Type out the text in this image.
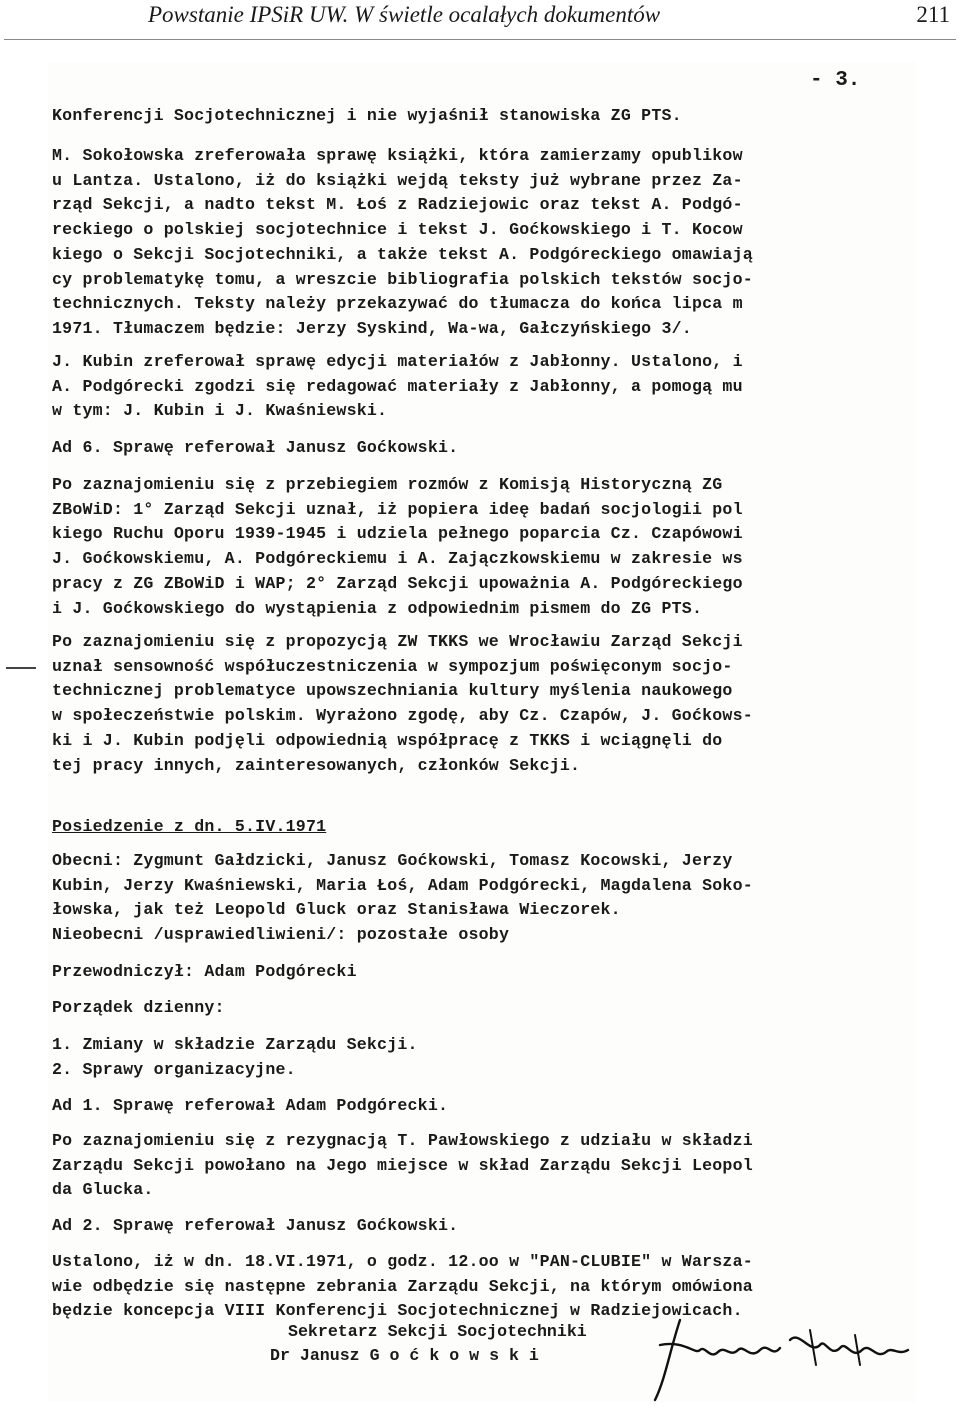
Powstanie IPSiR UW. W świetle ocalałych dokumentów	211
- 3.
Konferencji Socjotechnicznej i nie wyjaśnił stanowiska ZG PTS.
M. Sokołowska zreferowała sprawę książki, która zamierzamy opublikow
u Lantza. Ustalono, iż do książki wejdą teksty już wybrane przez Za-
rząd Sekcji, a nadto tekst M. Łoś z Radziejowic oraz tekst A. Podgó-
reckiego o polskiej socjotechnice i tekst J. Goćkowskiego i T. Kocow
kiego o Sekcji Socjotechniki, a także tekst A. Podgóreckiego omawiają
cy problematykę tomu, a wreszcie bibliografia polskich tekstów socjo-
technicznych. Teksty należy przekazywać do tłumacza do końca lipca m
1971. Tłumaczem będzie: Jerzy Syskind, Wa-wa, Gałczyńskiego 3/.
J. Kubin zreferował sprawę edycji materiałów z Jabłonny. Ustalono, i
A. Podgórecki zgodzi się redagować materiały z Jabłonny, a pomogą mu
w tym: J. Kubin i J. Kwaśniewski.
Ad 6. Sprawę referował Janusz Goćkowski.
Po zaznajomieniu się z przebiegiem rozmów z Komisją Historyczną ZG
ZBoWiD: 1° Zarząd Sekcji uznał, iż popiera ideę badań socjologii pol
kiego Ruchu Oporu 1939-1945 i udziela pełnego poparcia Cz. Czapówowi
J. Goćkowskiemu, A. Podgóreckiemu i A. Zajączkowskiemu w zakresie ws
pracy z ZG ZBoWiD i WAP; 2° Zarząd Sekcji upoważnia A. Podgóreckiego
i J. Goćkowskiego do wystąpienia z odpowiednim pismem do ZG PTS.
Po zaznajomieniu się z propozycją ZW TKKS we Wrocławiu Zarząd Sekcji
uznał sensowność współuczestniczenia w sympozjum poświęconym socjo-
technicznej problematyce upowszechniania kultury myślenia naukowego
w społeczeństwie polskim. Wyrażono zgodę, aby Cz. Czapów, J. Goćkows-
ki i J. Kubin podjęli odpowiednią współpracę z TKKS i wciągnęli do
tej pracy innych, zainteresowanych, członków Sekcji.
Posiedzenie z dn. 5.IV.1971
Obecni: Zygmunt Gałdzicki, Janusz Goćkowski, Tomasz Kocowski, Jerzy
Kubin, Jerzy Kwaśniewski, Maria Łoś, Adam Podgórecki, Magdalena Soko-
łowska, jak też Leopold Gluck oraz Stanisława Wieczorek.
Nieobecni /usprawiedliwieni/: pozostałe osoby
Przewodniczył: Adam Podgórecki
Porządek dzienny:
1. Zmiany w składzie Zarządu Sekcji.
2. Sprawy organizacyjne.
Ad 1. Sprawę referował Adam Podgórecki.
Po zaznajomieniu się z rezygnacją T. Pawłowskiego z udziału w składzi
Zarządu Sekcji powołano na Jego miejsce w skład Zarządu Sekcji Leopol
da Glucka.
Ad 2. Sprawę referował Janusz Goćkowski.
Ustalono, iż w dn. 18.VI.1971, o godz. 12.oo w "PAN-CLUBIE" w Warsza-
wie odbędzie się następne zebrania Zarządu Sekcji, na którym omówiona
będzie koncepcja VIII Konferencji Socjotechnicznej w Radziejowicach.
Sekretarz Sekcji Socjotechniki
Dr Janusz G o ć k o w s k i
